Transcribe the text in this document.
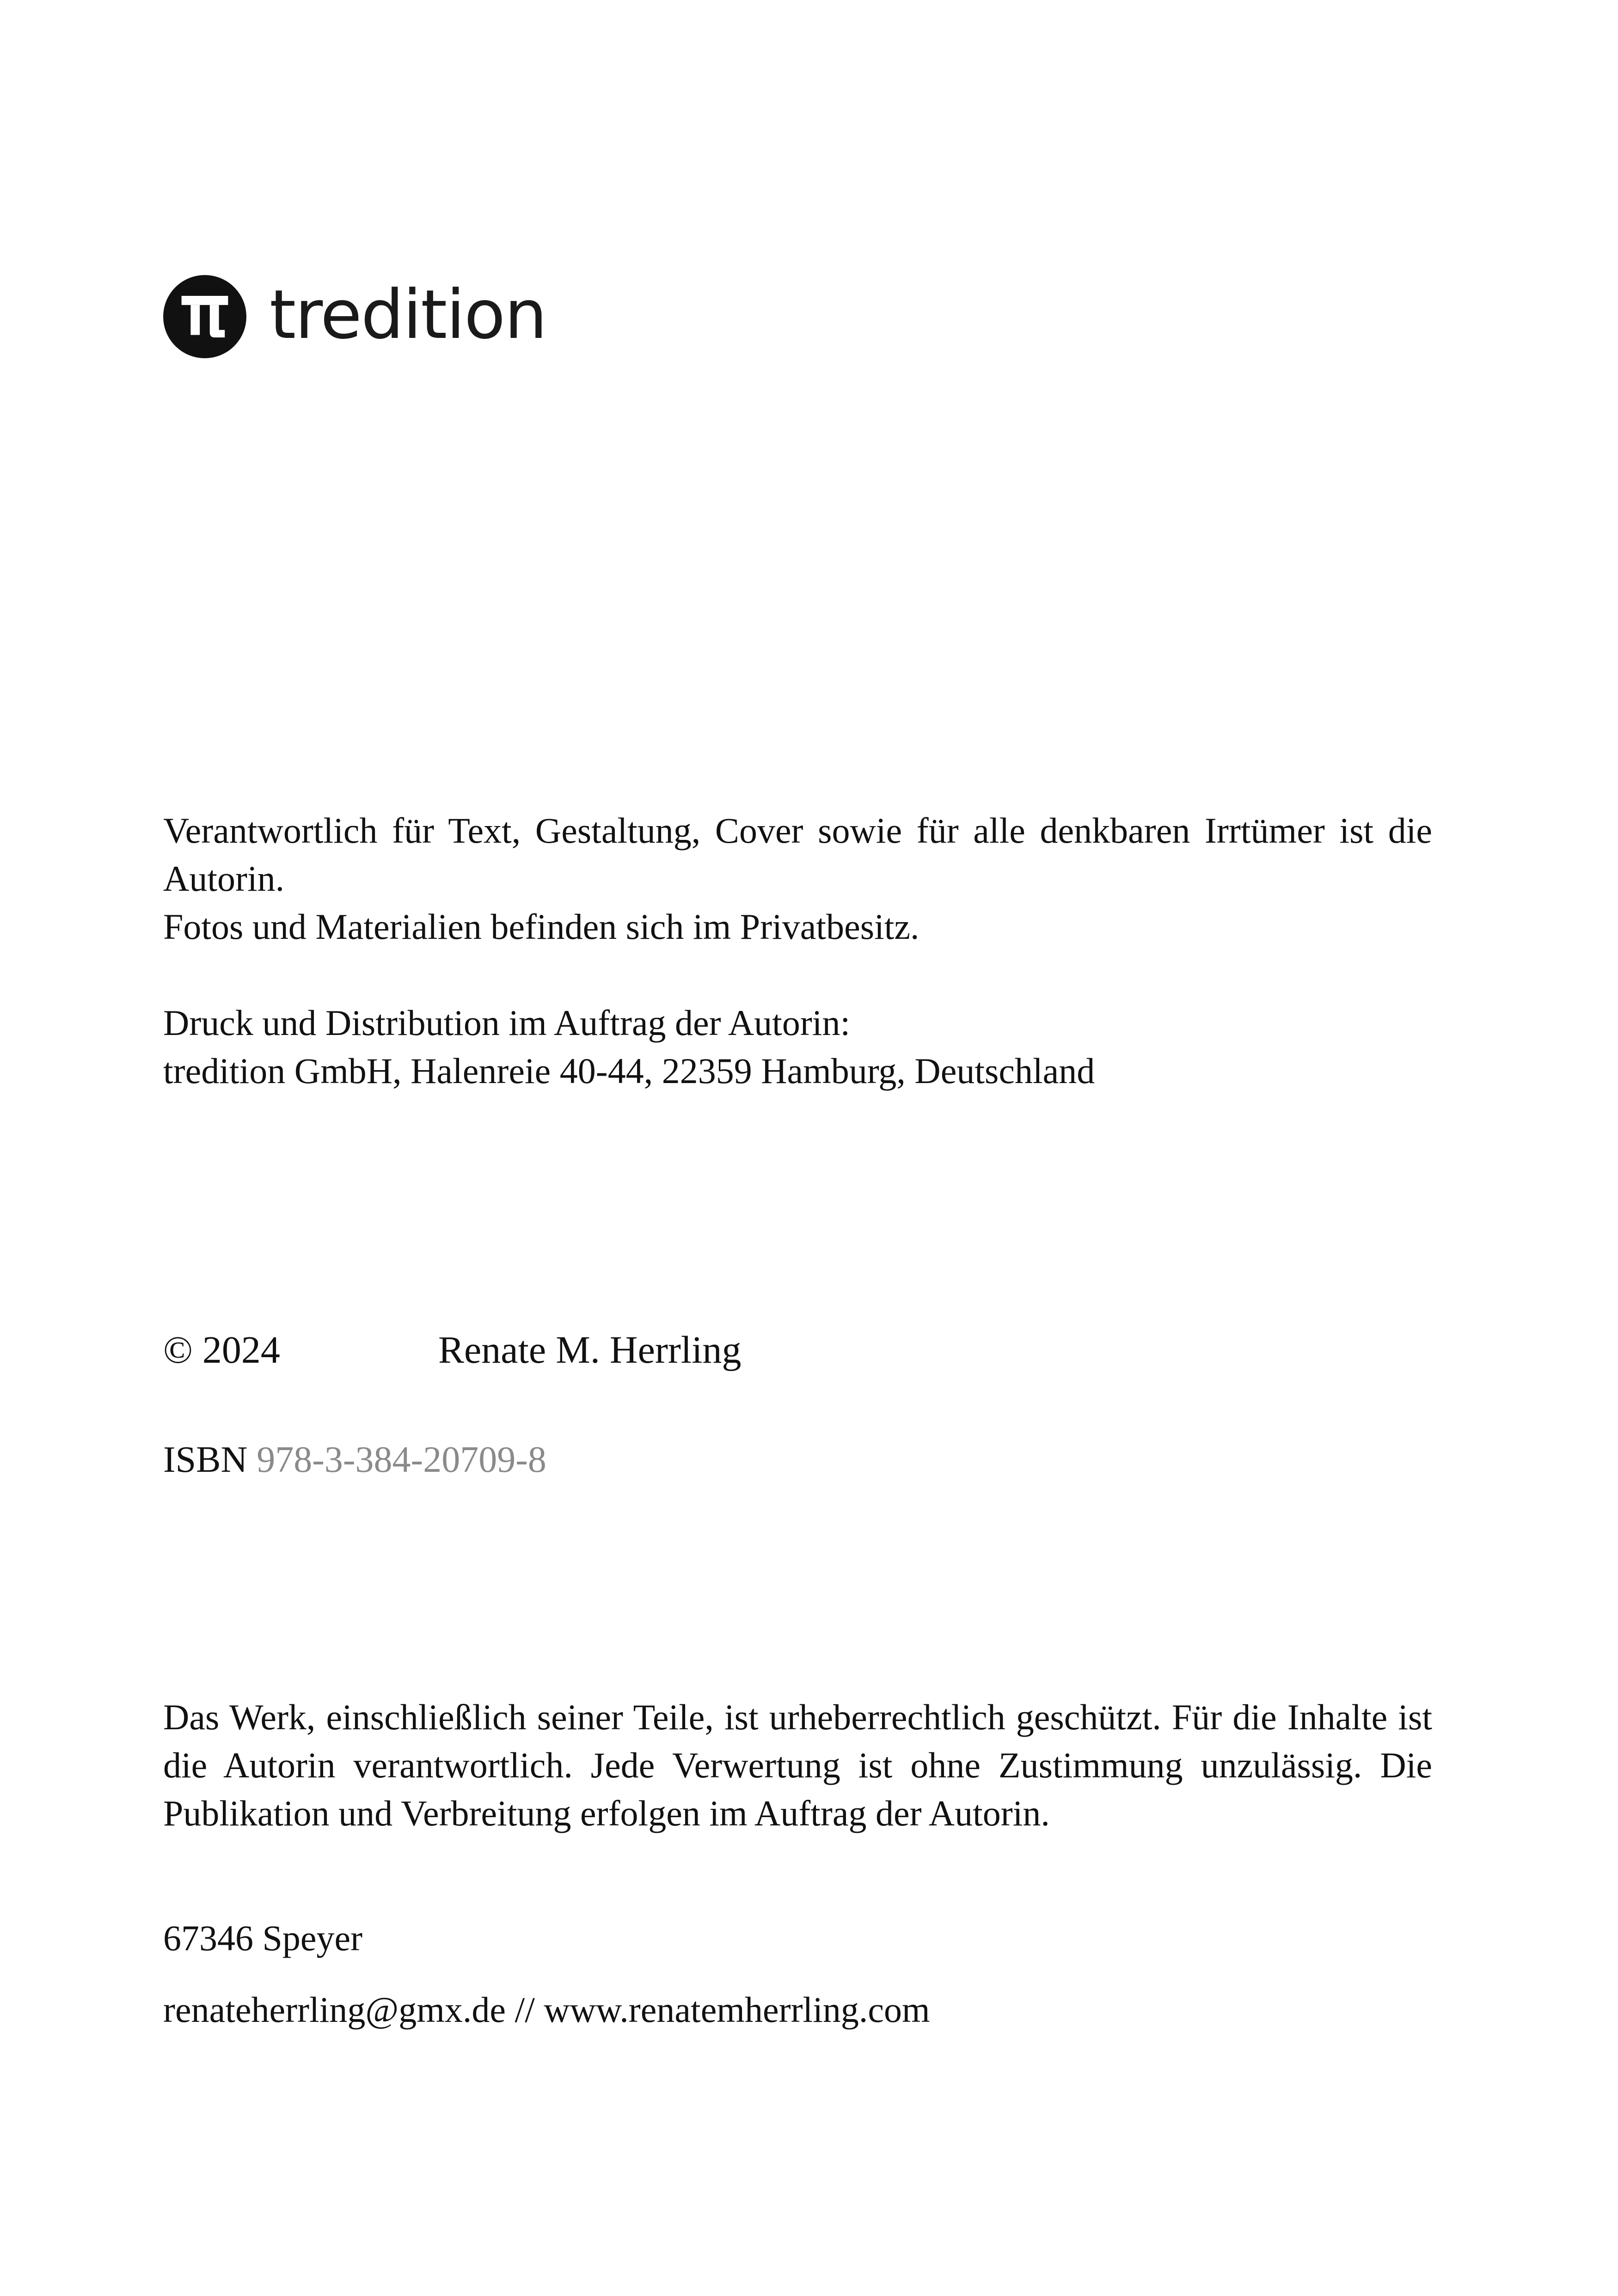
tredition
Verantwortlich für Text, Gestaltung, Cover sowie für alle denkbaren Irrtümer ist die Autorin.
Fotos und Materialien befinden sich im Privatbesitz.
Druck und Distribution im Auftrag der Autorin:
tredition GmbH, Halenreie 40-44, 22359 Hamburg, Deutschland
© 2024	Renate M. Herrling
ISBN 978-3-384-20709-8
Das Werk, einschließlich seiner Teile, ist urheberrechtlich geschützt. Für die Inhalte ist die Autorin verantwortlich. Jede Verwertung ist ohne Zustimmung unzulässig. Die Publikation und Verbreitung erfolgen im Auftrag der Autorin.
67346 Speyer
renateherrling@gmx.de // www.renatemherrling.com
